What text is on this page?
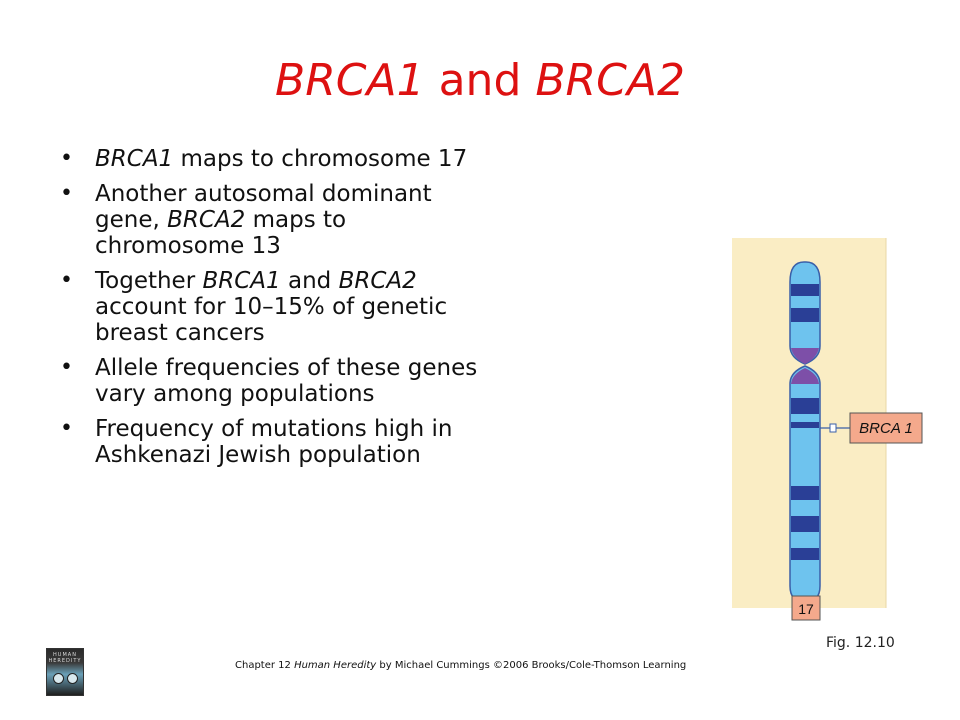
BRCA1 and BRCA2
• BRCA1 maps to chromosome 17
• Another autosomal dominant gene, BRCA2 maps to chromosome 13
• Together BRCA1 and BRCA2 account for 10–15% of genetic breast cancers
• Allele frequencies of these genes vary among populations
• Frequency of mutations high in Ashkenazi Jewish population
BRCA 1
17
Fig. 12.10
HUMAN HEREDITY	Chapter 12 Human Heredity by Michael Cummings ©2006 Brooks/Cole-Thomson Learning
